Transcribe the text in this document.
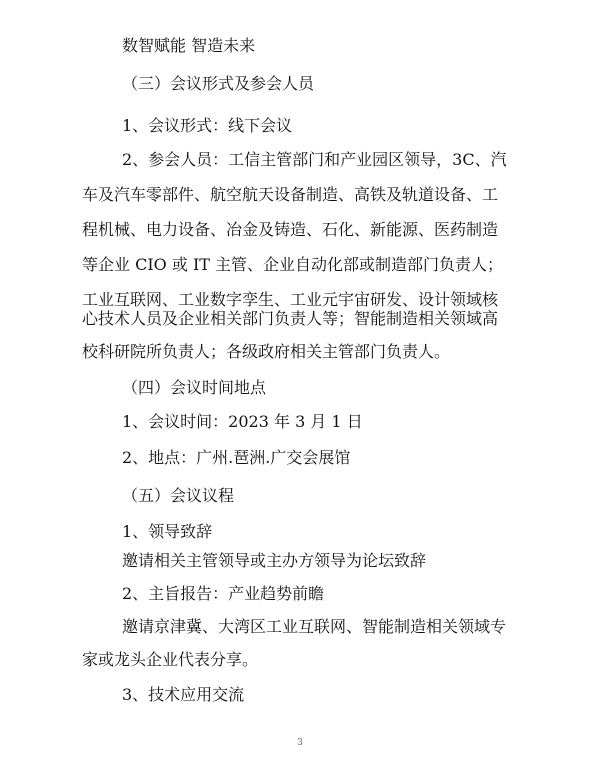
数智赋能 智造未来
（三）会议形式及参会人员
1、会议形式：线下会议
2、参会人员：工信主管部门和产业园区领导，3C、汽
车及汽车零部件、航空航天设备制造、高铁及轨道设备、工
程机械、电力设备、冶金及铸造、石化、新能源、医药制造
等企业 CIO 或 IT 主管、企业自动化部或制造部门负责人；
工业互联网、工业数字孪生、工业元宇宙研发、设计领域核
心技术人员及企业相关部门负责人等；智能制造相关领域高
校科研院所负责人；各级政府相关主管部门负责人。
（四）会议时间地点
1、会议时间：2023 年 3 月 1 日
2、地点：广州.琶洲.广交会展馆
（五）会议议程
1、领导致辞
邀请相关主管领导或主办方领导为论坛致辞
2、主旨报告：产业趋势前瞻
邀请京津冀、大湾区工业互联网、智能制造相关领域专
家或龙头企业代表分享。
3、技术应用交流
3
